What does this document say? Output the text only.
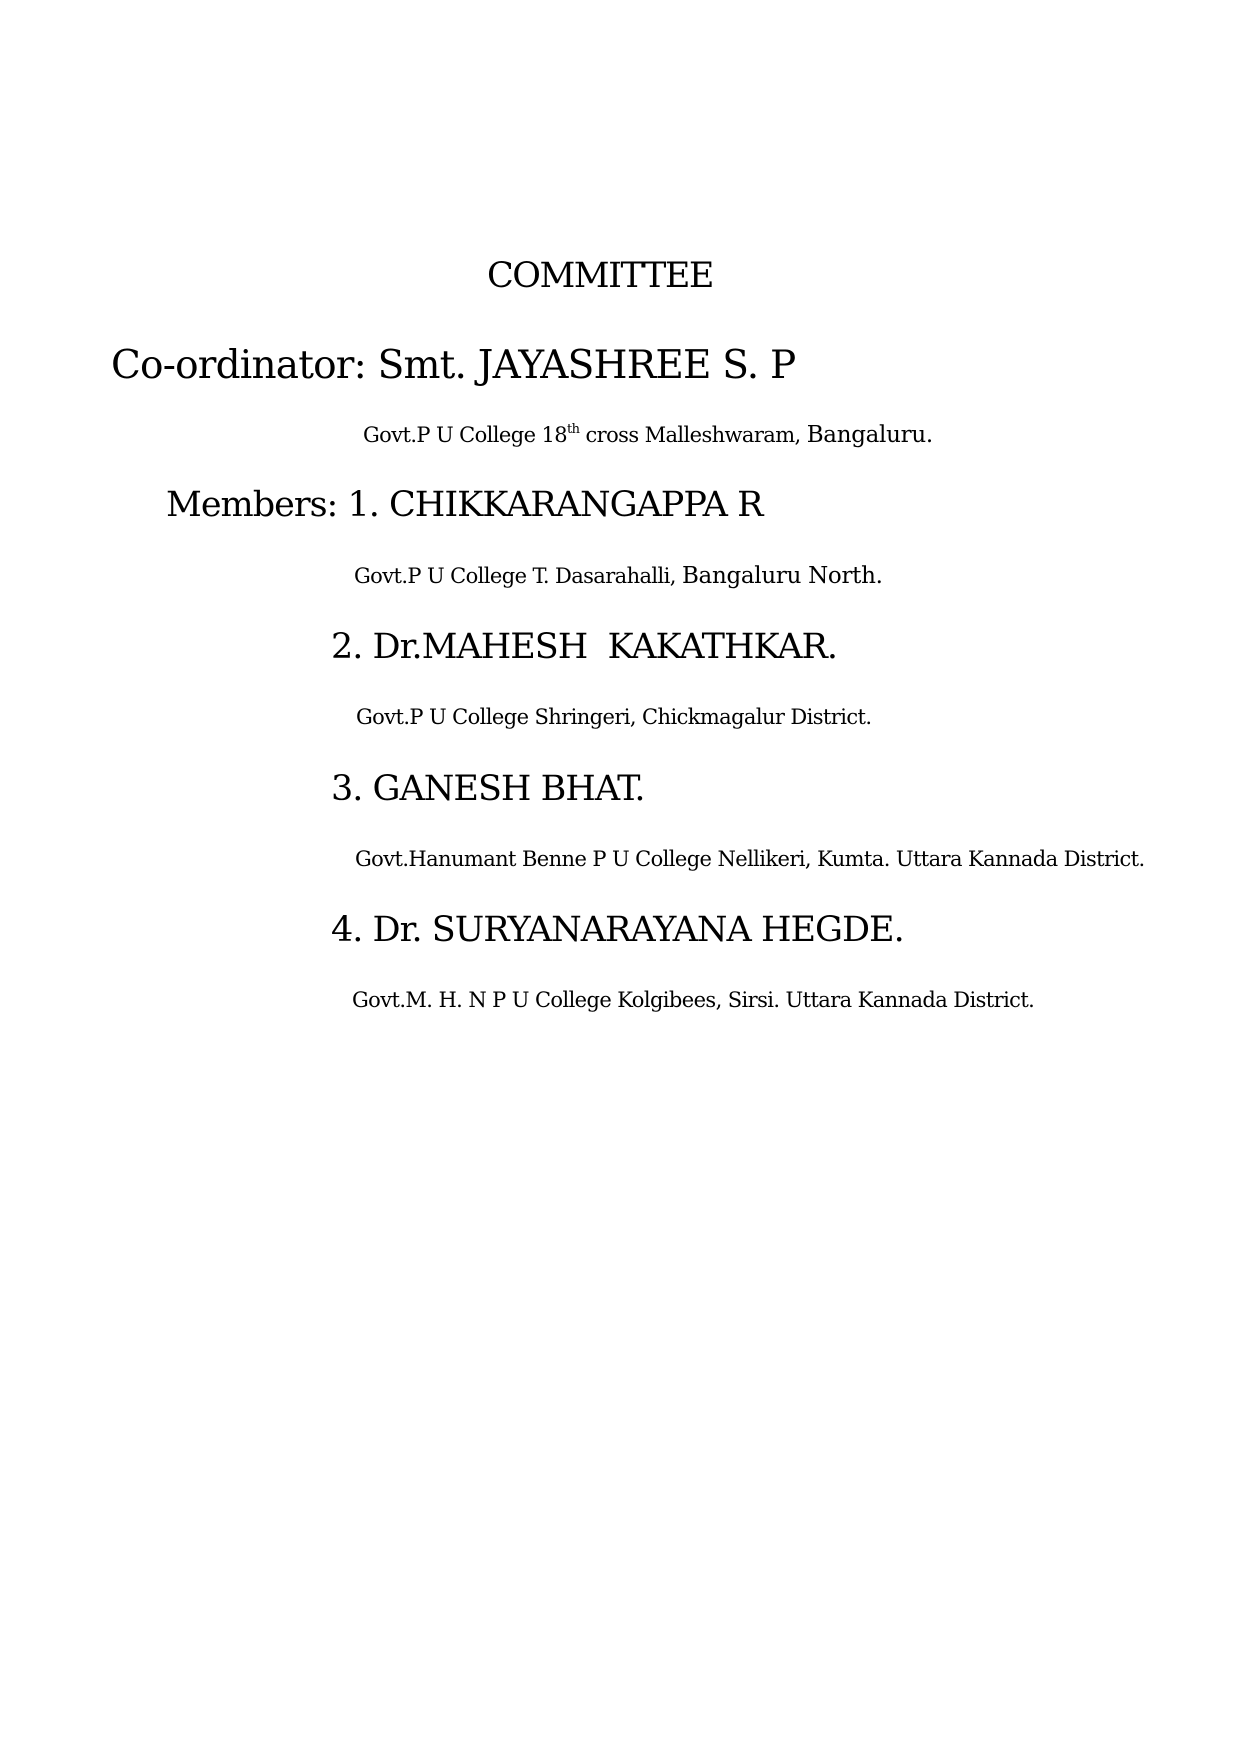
COMMITTEE
Co-ordinator: Smt. JAYASHREE S. P
Govt.P U College 18th cross Malleshwaram, Bangaluru.
Members: 1. CHIKKARANGAPPA R
Govt.P U College T. Dasarahalli, Bangaluru North.
2. Dr.MAHESH  KAKATHKAR.
Govt.P U College Shringeri, Chickmagalur District.
3. GANESH BHAT.
Govt.Hanumant Benne P U College Nellikeri, Kumta. Uttara Kannada District.
4. Dr. SURYANARAYANA HEGDE.
Govt.M. H. N P U College Kolgibees, Sirsi. Uttara Kannada District.
